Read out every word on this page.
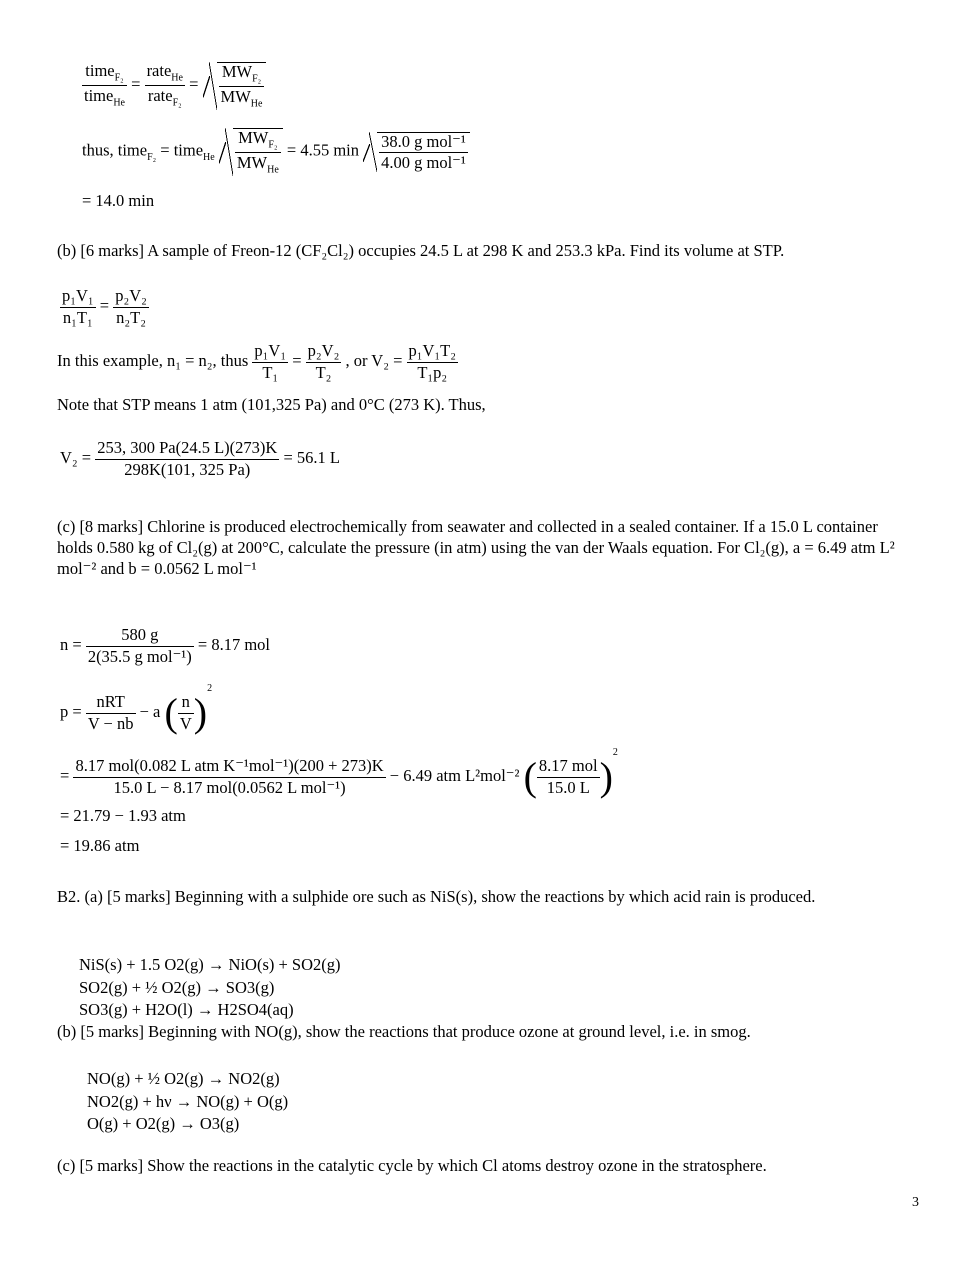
$\frac{time_{F_2}}{time_{He}} = \frac{rate_{He}}{rate_{F_2}} = \frac{MW_{F_2}}{MW_{He}}$
thus, time$_{F_2}$ = time$_{He}$ $\frac{MW_{F_2}}{MW_{He}} = 4.55$ $\min \frac{\text{38.0 g mol⁻¹}}{\text{4.00 g mol⁻¹}}$
= 14.0 min
(b) [6 marks] A sample of Freon-12 (CF₂Cl₂) occupies 24.5 L at 298 K and 253.3 kPa. Find its volume at STP.
$\frac{\text{p₁V₁}}{\text{n₁T₁}} = \frac{\text{p₂V₂}}{\text{n₂T₂}}$
In this example, n₁ = n₂, thus $\frac{\text{p₁V₁}}{\text{T₁}} = \frac{\text{p₂V₂}}{\text{T₂}}$ , or $V_2 = \frac{\text{p₁V₁T₂}}{\text{T₁p₂}}$
Note that STP means 1 atm (101,325 Pa) and 0°C (273 K). Thus,
$V_2 = \frac{253, 300 Pa(24.5 L)(273)K}{298K(101, 325 Pa)} = 56.1$ L
(c) [8 marks] Chlorine is produced electrochemically from seawater and collected in a sealed container. If a 15.0 L container holds 0.580 kg of Cl₂(g) at 200°C, calculate the pressure (in atm) using the van der Waals equation. For Cl₂(g), a = 6.49 atm L² mol⁻² and b = 0.0562 L mol⁻¹
$n = \frac{580 g}{\text{2(35.5 g mol⁻¹)}} = 8.17$ mol
$p = \frac{\text{nRT}}{V - nb} - a$ ( $\frac{n}{V} )^2$
= $\frac{\text{8.17 mol(0.082 L atm K⁻¹mol⁻¹)(200 + 273)K}}{\text{15.0 L − 8.17 mol(0.0562 L mol⁻¹)}} - 6.49$ atm L²mol⁻² ( $\frac{\text{8.17 mol}}{15.0 L} )^2$
= 21.79 − 1.93 atm
= 19.86 atm
B2. (a) [5 marks] Beginning with a sulphide ore such as NiS(s), show the reactions by which acid rain is produced.
NiS(s) + 1.5 O2(g) → NiO(s) + SO2(g)
SO2(g) + ½ O2(g) → SO3(g)
SO3(g) + H2O(l) → H2SO4(aq)
(b) [5 marks] Beginning with NO(g), show the reactions that produce ozone at ground level, i.e. in smog.
NO(g) + ½ O2(g) → NO2(g)
NO2(g) + hν → NO(g) + O(g)
O(g) + O2(g) → O3(g)
(c) [5 marks] Show the reactions in the catalytic cycle by which Cl atoms destroy ozone in the stratosphere.
3
